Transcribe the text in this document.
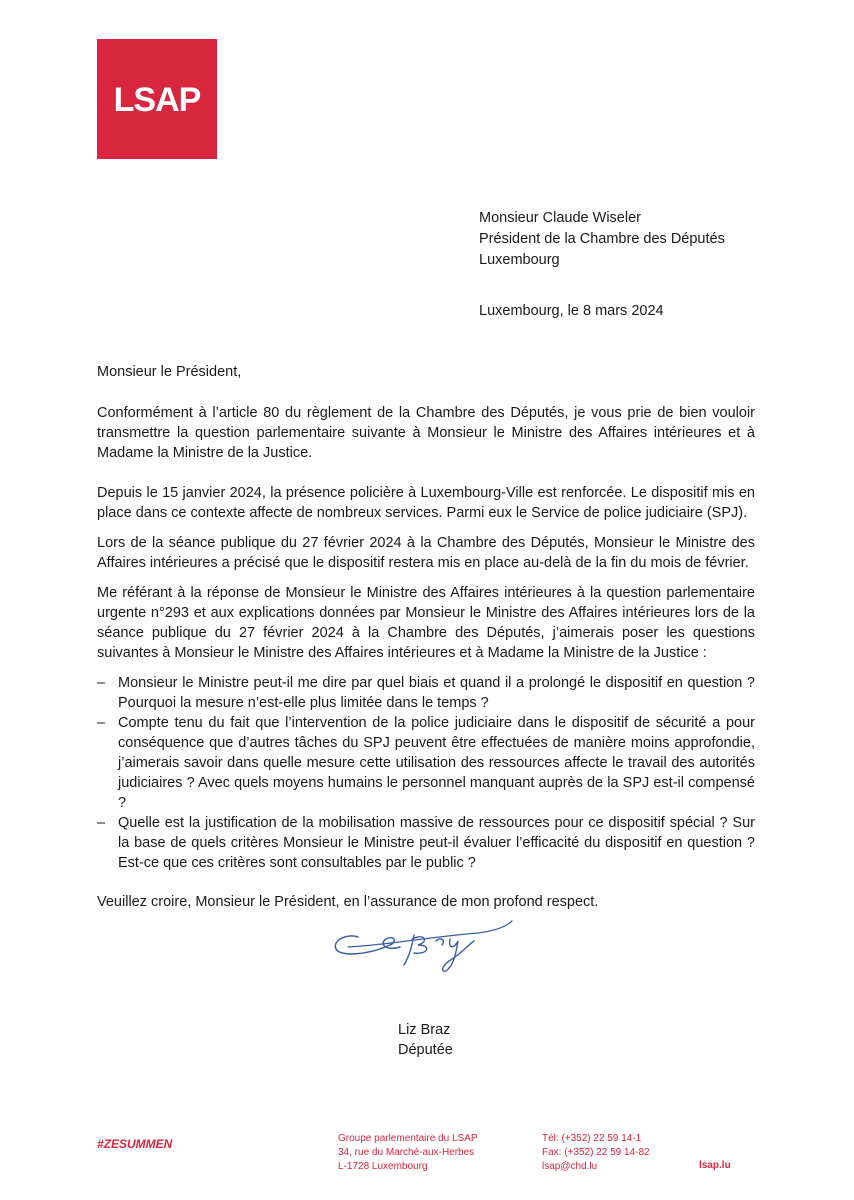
LSAP
Monsieur Claude Wiseler
Président de la Chambre des Députés
Luxembourg
Luxembourg, le 8 mars 2024

Monsieur le Président,

Conformément à l’article 80 du règlement de la Chambre des Députés, je vous prie de bien vouloir transmettre la question parlementaire suivante à Monsieur le Ministre des Affaires intérieures et à Madame la Ministre de la Justice.

Depuis le 15 janvier 2024, la présence policière à Luxembourg-Ville est renforcée. Le dispositif mis en place dans ce contexte affecte de nombreux services. Parmi eux le Service de police judiciaire (SPJ).

Lors de la séance publique du 27 février 2024 à la Chambre des Députés, Monsieur le Ministre des Affaires intérieures a précisé que le dispositif restera mis en place au-delà de la fin du mois de février.

Me référant à la réponse de Monsieur le Ministre des Affaires intérieures à la question parlementaire urgente n°293 et aux explications données par Monsieur le Ministre des Affaires intérieures lors de la séance publique du 27 février 2024 à la Chambre des Députés, j’aimerais poser les questions suivantes à Monsieur le Ministre des Affaires intérieures et à Madame la Ministre de la Justice :

– Monsieur le Ministre peut-il me dire par quel biais et quand il a prolongé le dispositif en question ? Pourquoi la mesure n’est-elle plus limitée dans le temps ?
– Compte tenu du fait que l’intervention de la police judiciaire dans le dispositif de sécurité a pour conséquence que d’autres tâches du SPJ peuvent être effectuées de manière moins approfondie, j’aimerais savoir dans quelle mesure cette utilisation des ressources affecte le travail des autorités judiciaires ? Avec quels moyens humains le personnel manquant auprès de la SPJ est-il compensé ?
– Quelle est la justification de la mobilisation massive de ressources pour ce dispositif spécial ? Sur la base de quels critères Monsieur le Ministre peut-il évaluer l’efficacité du dispositif en question ? Est-ce que ces critères sont consultables par le public ?

Veuillez croire, Monsieur le Président, en l’assurance de mon profond respect.

Liz Braz
Députée
#ZESUMMEN	Groupe parlementaire du LSAP
34, rue du Marché-aux-Herbes
L-1728 Luxembourg
Tél: (+352) 22 59 14-1
Fax: (+352) 22 59 14-82
lsap@chd.lu	lsap.lu
